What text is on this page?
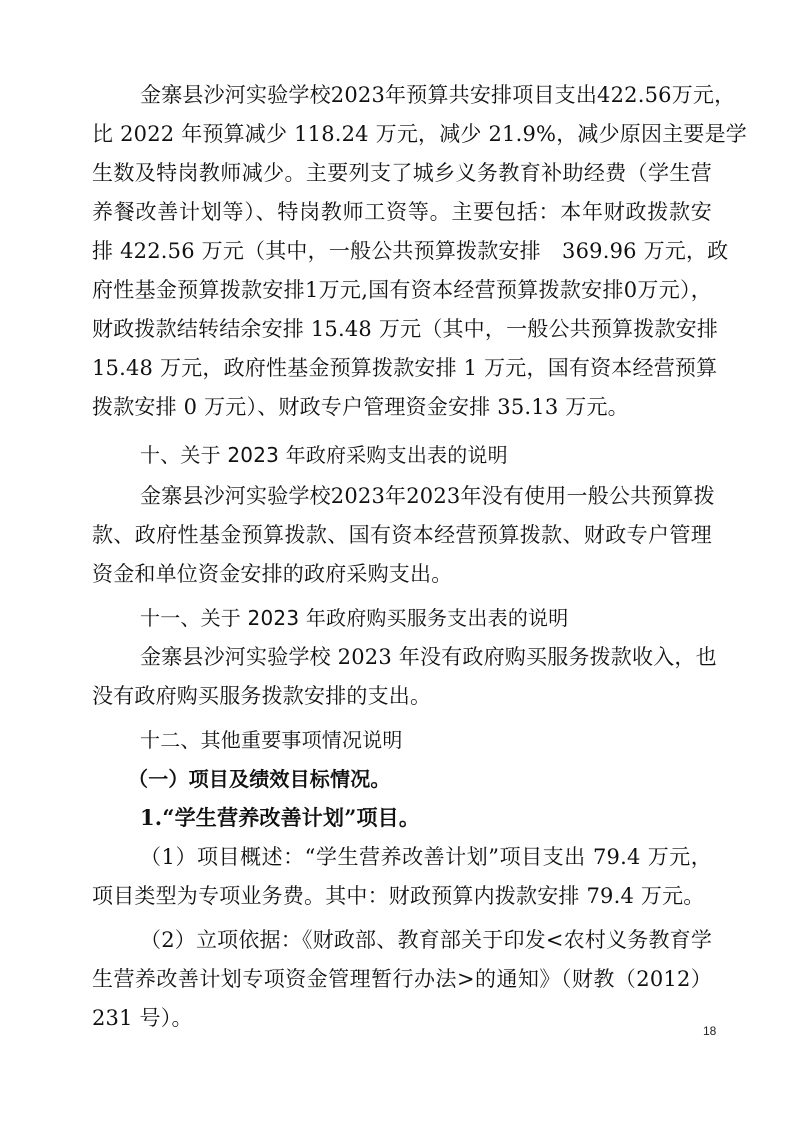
金寨县沙河实验学校2023年预算共安排项目支出422.56万元，
比 2022 年预算减少 118.24 万元，减少 21.9%，减少原因主要是学
生数及特岗教师减少。主要列支了城乡义务教育补助经费（学生营
养餐改善计划等）、特岗教师工资等。主要包括：本年财政拨款安
排 422.56 万元（其中，一般公共预算拨款安排　369.96 万元，政
府性基金预算拨款安排1万元,国有资本经营预算拨款安排0万元），
财政拨款结转结余安排 15.48 万元（其中，一般公共预算拨款安排
15.48 万元，政府性基金预算拨款安排 1 万元，国有资本经营预算
拨款安排 0 万元）、财政专户管理资金安排 35.13 万元。
十、关于 2023 年政府采购支出表的说明
金寨县沙河实验学校2023年2023年没有使用一般公共预算拨
款、政府性基金预算拨款、国有资本经营预算拨款、财政专户管理
资金和单位资金安排的政府采购支出。
十一、关于 2023 年政府购买服务支出表的说明
金寨县沙河实验学校 2023 年没有政府购买服务拨款收入，也
没有政府购买服务拨款安排的支出。
十二、其他重要事项情况说明
（一）项目及绩效目标情况。
1.“学生营养改善计划”项目。
（1）项目概述：“学生营养改善计划”项目支出 79.4 万元，
项目类型为专项业务费。其中：财政预算内拨款安排 79.4 万元。
（2）立项依据：《财政部、教育部关于印发<农村义务教育学
生营养改善计划专项资金管理暂行办法>的通知》（财教（2012）
231 号）。
18
